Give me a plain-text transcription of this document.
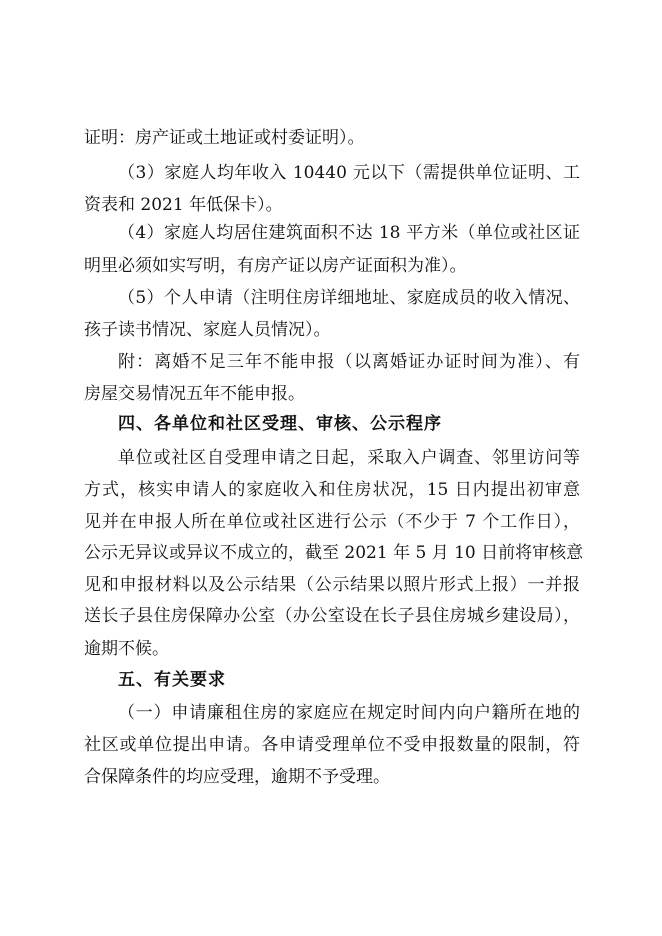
证明：房产证或土地证或村委证明）。
（3）家庭人均年收入 10440 元以下（需提供单位证明、工
资表和 2021 年低保卡）。
（4）家庭人均居住建筑面积不达 18 平方米（单位或社区证
明里必须如实写明，有房产证以房产证面积为准）。
（5）个人申请（注明住房详细地址、家庭成员的收入情况、
孩子读书情况、家庭人员情况）。
附：离婚不足三年不能申报（以离婚证办证时间为准）、有
房屋交易情况五年不能申报。
四、各单位和社区受理、审核、公示程序
单位或社区自受理申请之日起，采取入户调查、邻里访问等
方式，核实申请人的家庭收入和住房状况，15 日内提出初审意
见并在申报人所在单位或社区进行公示（不少于 7 个工作日），
公示无异议或异议不成立的，截至 2021 年 5 月 10 日前将审核意
见和申报材料以及公示结果（公示结果以照片形式上报）一并报
送长子县住房保障办公室（办公室设在长子县住房城乡建设局），
逾期不候。
五、有关要求
（一）申请廉租住房的家庭应在规定时间内向户籍所在地的
社区或单位提出申请。各申请受理单位不受申报数量的限制，符
合保障条件的均应受理，逾期不予受理。
